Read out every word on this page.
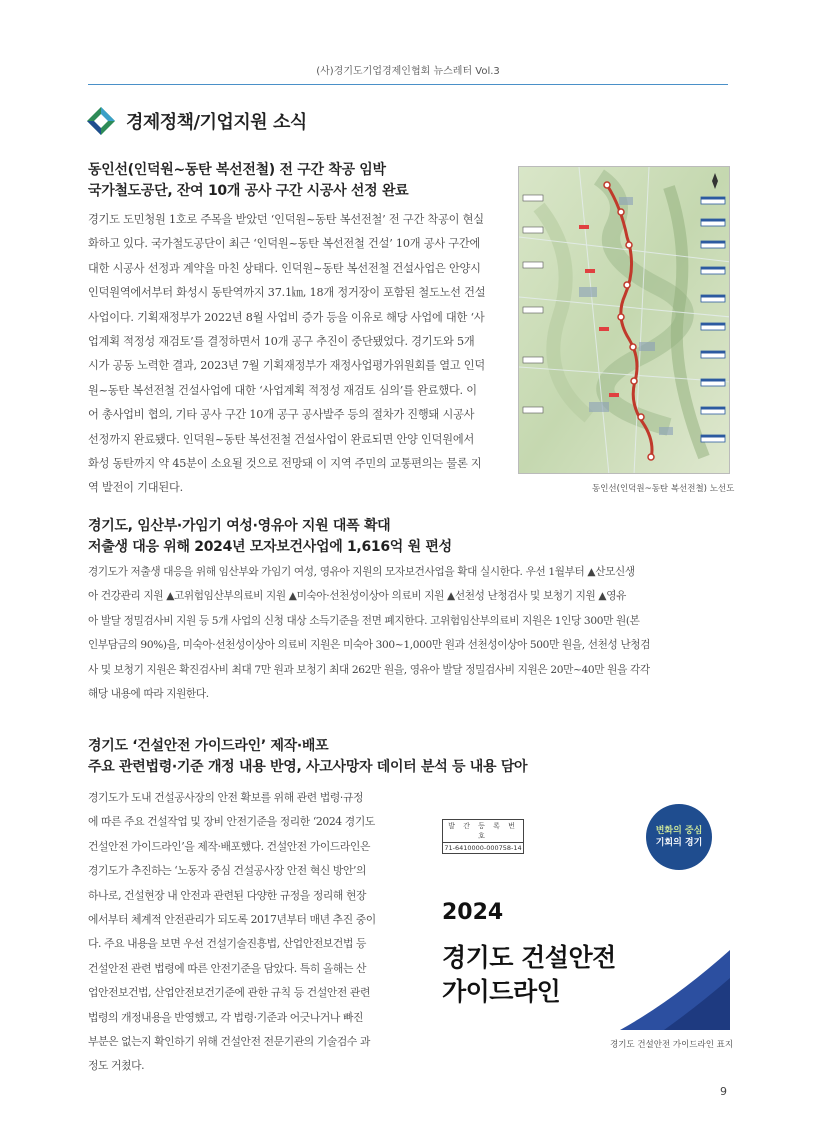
(사)경기도기업경제인협회 뉴스레터 Vol.3
경제정책/기업지원 소식
동인선(인덕원~동탄 복선전철) 전 구간 착공 임박
국가철도공단, 잔여 10개 공사 구간 시공사 선정 완료
경기도 도민청원 1호로 주목을 받았던 ‘인덕원~동탄 복선전철’ 전 구간 착공이 현실
화하고 있다. 국가철도공단이 최근 ‘인덕원~동탄 복선전철 건설’ 10개 공사 구간에
대한 시공사 선정과 계약을 마친 상태다. 인덕원~동탄 복선전철 건설사업은 안양시
인덕원역에서부터 화성시 동탄역까지 37.1㎞, 18개 정거장이 포함된 철도노선 건설
사업이다. 기획재정부가 2022년 8월 사업비 증가 등을 이유로 해당 사업에 대한 ‘사
업계획 적정성 재검토’를 결정하면서 10개 공구 추진이 중단됐었다. 경기도와 5개
시가 공동 노력한 결과, 2023년 7월 기획재정부가 재정사업평가위원회를 열고 인덕
원~동탄 복선전철 건설사업에 대한 ‘사업계획 적정성 재검토 심의’를 완료했다. 이
어 총사업비 협의, 기타 공사 구간 10개 공구 공사발주 등의 절차가 진행돼 시공사
선정까지 완료됐다. 인덕원~동탄 복선전철 건설사업이 완료되면 안양 인덕원에서
화성 동탄까지 약 45분이 소요될 것으로 전망돼 이 지역 주민의 교통편의는 물론 지
역 발전이 기대된다.	동인선(인덕원~동탄 복선전철) 노선도
경기도, 임산부·가임기 여성·영유아 지원 대폭 확대
저출생 대응 위해 2024년 모자보건사업에 1,616억 원 편성
경기도가 저출생 대응을 위해 임산부와 가임기 여성, 영유아 지원의 모자보건사업을 확대 실시한다. 우선 1월부터 ▲산모신생
아 건강관리 지원 ▲고위험임산부의료비 지원 ▲미숙아·선천성이상아 의료비 지원 ▲선천성 난청검사 및 보청기 지원 ▲영유
아 발달 정밀검사비 지원 등 5개 사업의 신청 대상 소득기준을 전면 폐지한다. 고위험임산부의료비 지원은 1인당 300만 원(본
인부담금의 90%)을, 미숙아·선천성이상아 의료비 지원은 미숙아 300~1,000만 원과 선천성이상아 500만 원을, 선천성 난청검
사 및 보청기 지원은 확진검사비 최대 7만 원과 보청기 최대 262만 원을, 영유아 발달 정밀검사비 지원은 20만~40만 원을 각각
해당 내용에 따라 지원한다.
경기도 ‘건설안전 가이드라인’ 제작·배포
주요 관련법령·기준 개정 내용 반영, 사고사망자 데이터 분석 등 내용 담아
경기도가 도내 건설공사장의 안전 확보를 위해 관련 법령·규정
에 따른 주요 건설작업 및 장비 안전기준을 정리한 ‘2024 경기도
건설안전 가이드라인’을 제작·배포했다. 건설안전 가이드라인은
경기도가 추진하는 ‘노동자 중심 건설공사장 안전 혁신 방안’의
하나로, 건설현장 내 안전과 관련된 다양한 규정을 정리해 현장
에서부터 체계적 안전관리가 되도록 2017년부터 매년 추진 중이
다. 주요 내용을 보면 우선 건설기술진흥법, 산업안전보건법 등
건설안전 관련 법령에 따른 안전기준을 담았다. 특히 올해는 산
업안전보건법, 산업안전보건기준에 관한 규칙 등 건설안전 관련
법령의 개정내용을 반영했고, 각 법령·기준과 어긋나거나 빠진
부분은 없는지 확인하기 위해 건설안전 전문기관의 기술검수 과
정도 거쳤다.
발 간 등 록 번 호
71-6410000-000758-14
변화의 중심
기회의 경기
2024
경기도 건설안전
가이드라인
경기도 건설안전 가이드라인 표지
9
